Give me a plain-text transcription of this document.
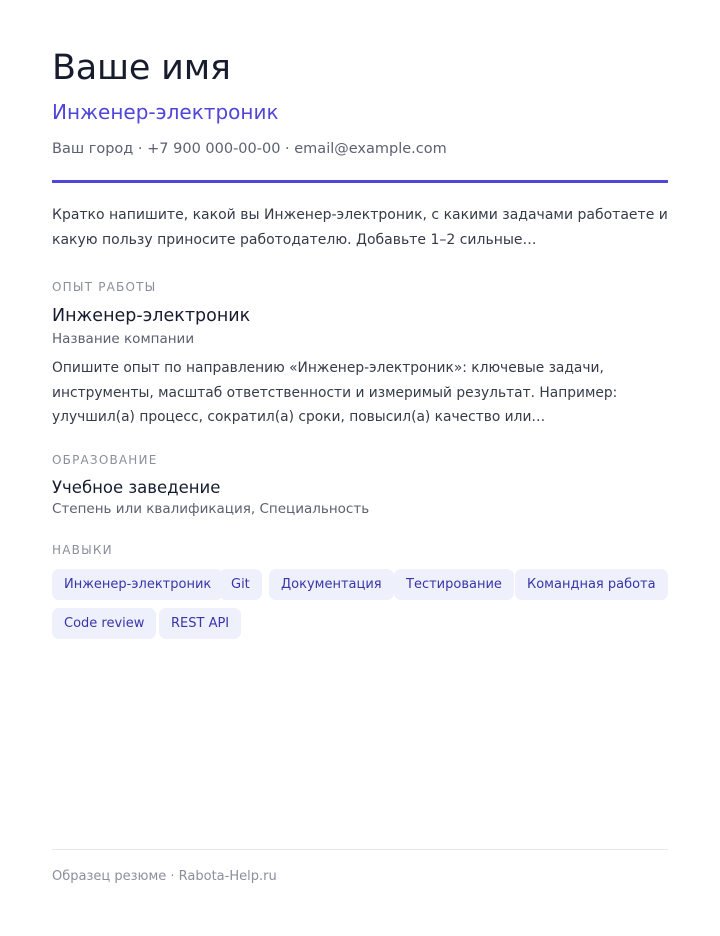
Ваше имя
Инженер-электроник
Ваш город · +7 900 000-00-00 · email@example.com
Кратко напишите, какой вы Инженер-электроник, с какими задачами работаете и какую пользу приносите работодателю. Добавьте 1–2 сильные…
ОПЫТ РАБОТЫ
Инженер-электроник
Название компании
Опишите опыт по направлению «Инженер-электроник»: ключевые задачи, инструменты, масштаб ответственности и измеримый результат. Например: улучшил(а) процесс, сократил(а) сроки, повысил(а) качество или…
ОБРАЗОВАНИЕ
Учебное заведение
Степень или квалификация, Специальность
НАВЫКИ
Инженер-электроник	Git	Документация	Тестирование	Командная работа
Code review	REST API
Образец резюме · Rabota-Help.ru
